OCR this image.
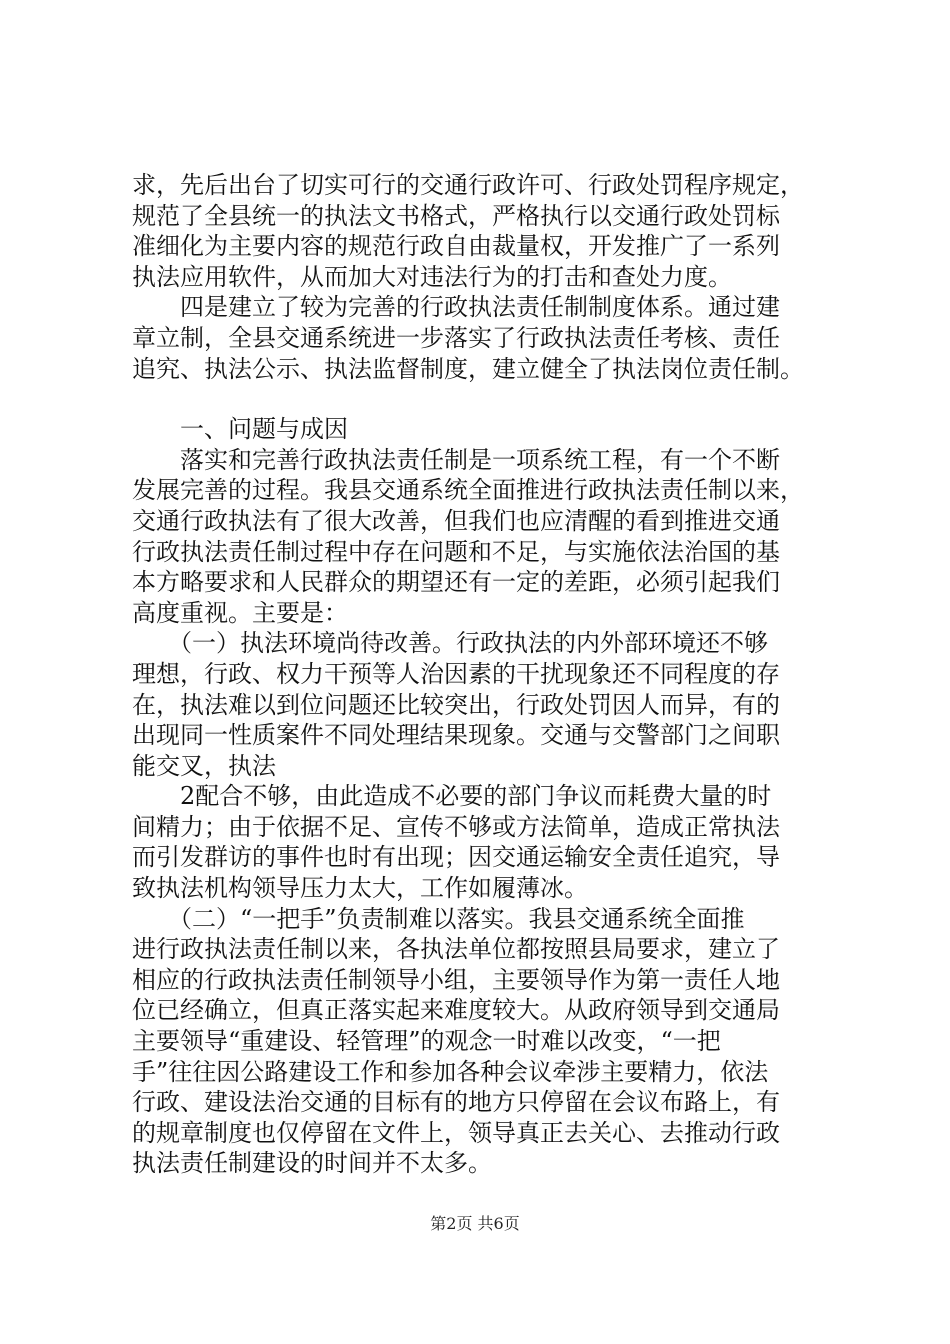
求，先后出台了切实可行的交通行政许可、行政处罚程序规定，
规范了全县统一的执法文书格式，严格执行以交通行政处罚标
准细化为主要内容的规范行政自由裁量权，开发推广了一系列
执法应用软件，从而加大对违法行为的打击和查处力度。
　　四是建立了较为完善的行政执法责任制制度体系。通过建
章立制，全县交通系统进一步落实了行政执法责任考核、责任
追究、执法公示、执法监督制度，建立健全了执法岗位责任制。
　　一、问题与成因
　　落实和完善行政执法责任制是一项系统工程，有一个不断
发展完善的过程。我县交通系统全面推进行政执法责任制以来，
交通行政执法有了很大改善，但我们也应清醒的看到推进交通
行政执法责任制过程中存在问题和不足，与实施依法治国的基
本方略要求和人民群众的期望还有一定的差距，必须引起我们
高度重视。主要是：
　　（一）执法环境尚待改善。行政执法的内外部环境还不够
理想，行政、权力干预等人治因素的干扰现象还不同程度的存
在，执法难以到位问题还比较突出，行政处罚因人而异，有的
出现同一性质案件不同处理结果现象。交通与交警部门之间职
能交叉，执法
　　2配合不够，由此造成不必要的部门争议而耗费大量的时
间精力；由于依据不足、宣传不够或方法简单，造成正常执法
而引发群访的事件也时有出现；因交通运输安全责任追究，导
致执法机构领导压力太大，工作如履薄冰。
　　（二）“一把手”负责制难以落实。我县交通系统全面推
进行政执法责任制以来，各执法单位都按照县局要求，建立了
相应的行政执法责任制领导小组，主要领导作为第一责任人地
位已经确立，但真正落实起来难度较大。从政府领导到交通局
主要领导“重建设、轻管理”的观念一时难以改变，“一把
手”往往因公路建设工作和参加各种会议牵涉主要精力，依法
行政、建设法治交通的目标有的地方只停留在会议布路上，有
的规章制度也仅停留在文件上，领导真正去关心、去推动行政
执法责任制建设的时间并不太多。
第2页 共6页
